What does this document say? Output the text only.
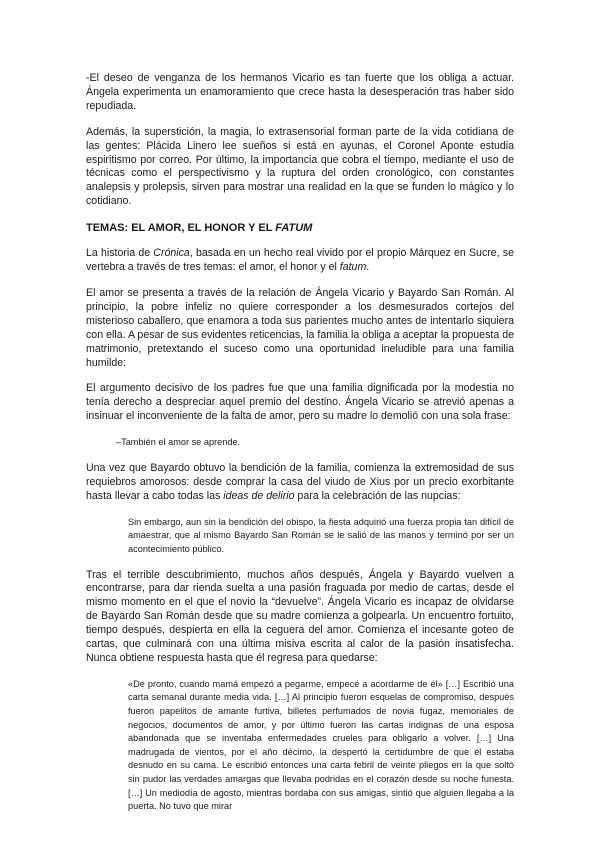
-El deseo de venganza de los hermanos Vicario es tan fuerte que los obliga a actuar. Ángela experimenta un enamoramiento que crece hasta la desesperación tras haber sido repudiada.

Además, la superstición, la magia, lo extrasensorial forman parte de la vida cotidiana de las gentes: Plácida Linero lee sueños si está en ayunas, el Coronel Aponte estudia espiritismo por correo. Por último, la importancia que cobra el tiempo, mediante el uso de técnicas como el perspectivismo y la ruptura del orden cronológico, con constantes analepsis y prolepsis, sirven para mostrar una realidad en la que se funden lo mágico y lo cotidiano.

TEMAS: EL AMOR, EL HONOR Y EL FATUM

La historia de Crónica, basada en un hecho real vivido por el propio Márquez en Sucre, se vertebra a través de tres temas: el amor, el honor y el fatum.

El amor se presenta a través de la relación de Ángela Vicario y Bayardo San Román. Al principio, la pobre infeliz no quiere corresponder a los desmesurados cortejos del misterioso caballero, que enamora a toda sus parientes mucho antes de intentarlo siquiera con ella. A pesar de sus evidentes reticencias, la familia la obliga a aceptar la propuesta de matrimonio, pretextando el suceso como una oportunidad ineludible para una familia humilde:

El argumento decisivo de los padres fue que una familia dignificada por la modestia no tenía derecho a despreciar aquel premio del destino. Ángela Vicario se atrevió apenas a insinuar el inconveniente de la falta de amor, pero su madre lo demolió con una sola frase:

–También el amor se aprende.

Una vez que Bayardo obtuvo la bendición de la familia, comienza la extremosidad de sus requiebros amorosos: desde comprar la casa del viudo de Xius por un precio exorbitante hasta llevar a cabo todas las ideas de delirio para la celebración de las nupcias:

Sin embargo, aun sin la bendición del obispo, la fiesta adquirió una fuerza propia tan difícil de amaestrar, que al mismo Bayardo San Román se le salió de las manos y terminó por ser un acontecimiento público.

Tras el terrible descubrimiento, muchos años después, Ángela y Bayardo vuelven a encontrarse, para dar rienda suelta a una pasión fraguada por medio de cartas, desde el mismo momento en el que el novio la “devuelve”. Ángela Vicario es incapaz de olvidarse de Bayardo San Román desde que su madre comienza a golpearla. Un encuentro fortuito, tiempo después, despierta en ella la ceguera del amor. Comienza el incesante goteo de cartas, que culminará con una última misiva escrita al calor de la pasión insatisfecha. Nunca obtiene respuesta hasta que él regresa para quedarse:

«De pronto, cuando mamá empezó a pegarme, empecé a acordarme de él» […] Escribió una carta semanal durante media vida. […] Al principio fueron esquelas de compromiso, después fueron papelitos de amante furtiva, billetes perfumados de novia fugaz, memoriales de negocios, documentos de amor, y por último fueron las cartas indignas de una esposa abandonada que se inventaba enfermedades crueles para obligarlo a volver. […] Una madrugada de vientos, por el año décimo, la despertó la certidumbre de que él estaba desnudo en su cama. Le escribió entonces una carta febril de veinte pliegos en la que soltó sin pudor las verdades amargas que llevaba podridas en el corazón desde su noche funesta. […] Un mediodía de agosto, mientras bordaba con sus amigas, sintió que alguien llegaba a la puerta. No tuvo que mirar
